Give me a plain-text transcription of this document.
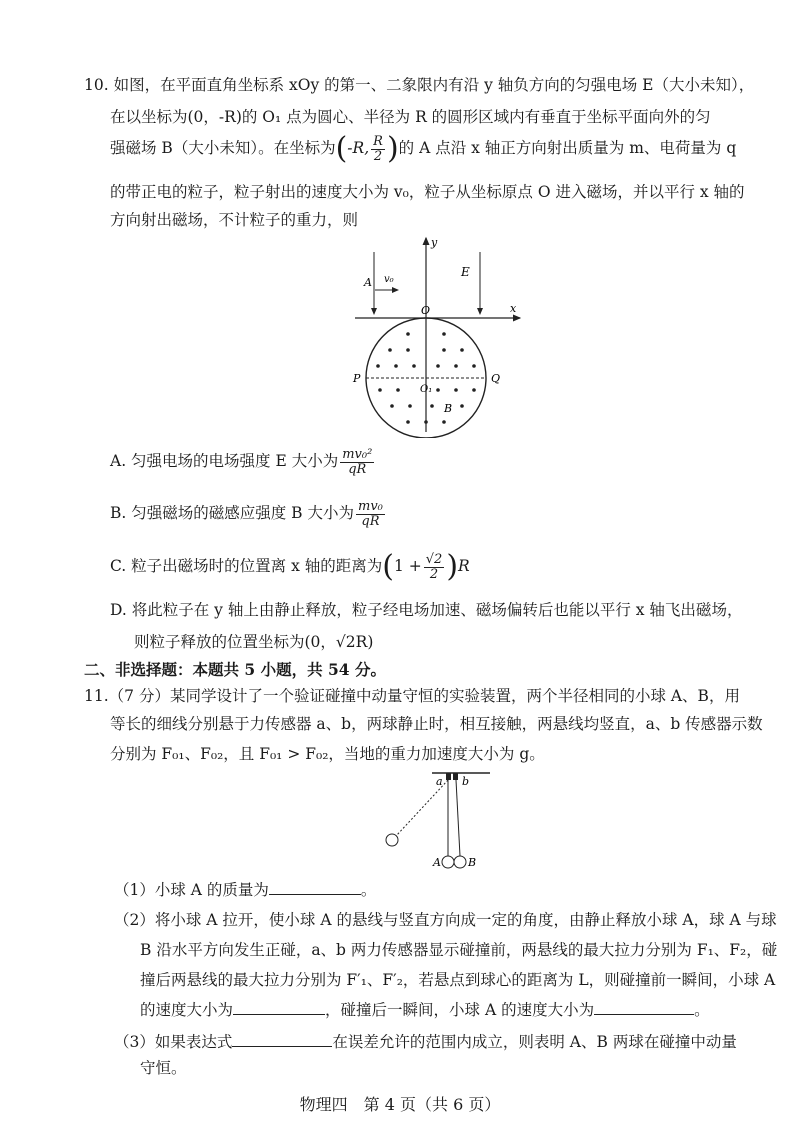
10. 如图，在平面直角坐标系 xOy 的第一、二象限内有沿 y 轴负方向的匀强电场 E（大小未知），
在以坐标为(0，-R)的 O₁ 点为圆心、半径为 R 的圆形区域内有垂直于坐标平面向外的匀
强磁场 B（大小未知）。在坐标为(-R, $\frac{R}{2}$ )的 A 点沿 x 轴正方向射出质量为 m、电荷量为 q
的带正电的粒子，粒子射出的速度大小为 v₀，粒子从坐标原点 O 进入磁场，并以平行 x 轴的
方向射出磁场，不计粒子的重力，则
y
x
E
A v₀
O
P	Q
O₁
B
A. 匀强电场的电场强度 E 大小为 $\frac{\text{mv₀²}}{qR}$
B. 匀强磁场的磁感应强度 B 大小为 $\frac{\text{mv₀}}{qR}$
C. 粒子出磁场时的位置离 x 轴的距离为$(1 + \frac{√2}{2} )R$
D. 将此粒子在 y 轴上由静止释放，粒子经电场加速、磁场偏转后也能以平行 x 轴飞出磁场，
则粒子释放的位置坐标为(0，√2R)
二、非选择题：本题共 5 小题，共 54 分。
11.（7 分）某同学设计了一个验证碰撞中动量守恒的实验装置，两个半径相同的小球 A、B，用
等长的细线分别悬于力传感器 a、b，两球静止时，相互接触，两悬线均竖直，a、b 传感器示数
分别为 F₀₁、F₀₂，且 F₀₁ > F₀₂，当地的重力加速度大小为 g。
a b
A B
（1）小球 A 的质量为	。
（2）将小球 A 拉开，使小球 A 的悬线与竖直方向成一定的角度，由静止释放小球 A，球 A 与球
B 沿水平方向发生正碰，a、b 两力传感器显示碰撞前，两悬线的最大拉力分别为 F₁、F₂，碰
撞后两悬线的最大拉力分别为 F′₁、F′₂，若悬点到球心的距离为 L，则碰撞前一瞬间，小球 A
的速度大小为	，碰撞后一瞬间，小球 A 的速度大小为	。
（3）如果表达式	在误差允许的范围内成立，则表明 A、B 两球在碰撞中动量
守恒。
物理四　第 4 页（共 6 页）
